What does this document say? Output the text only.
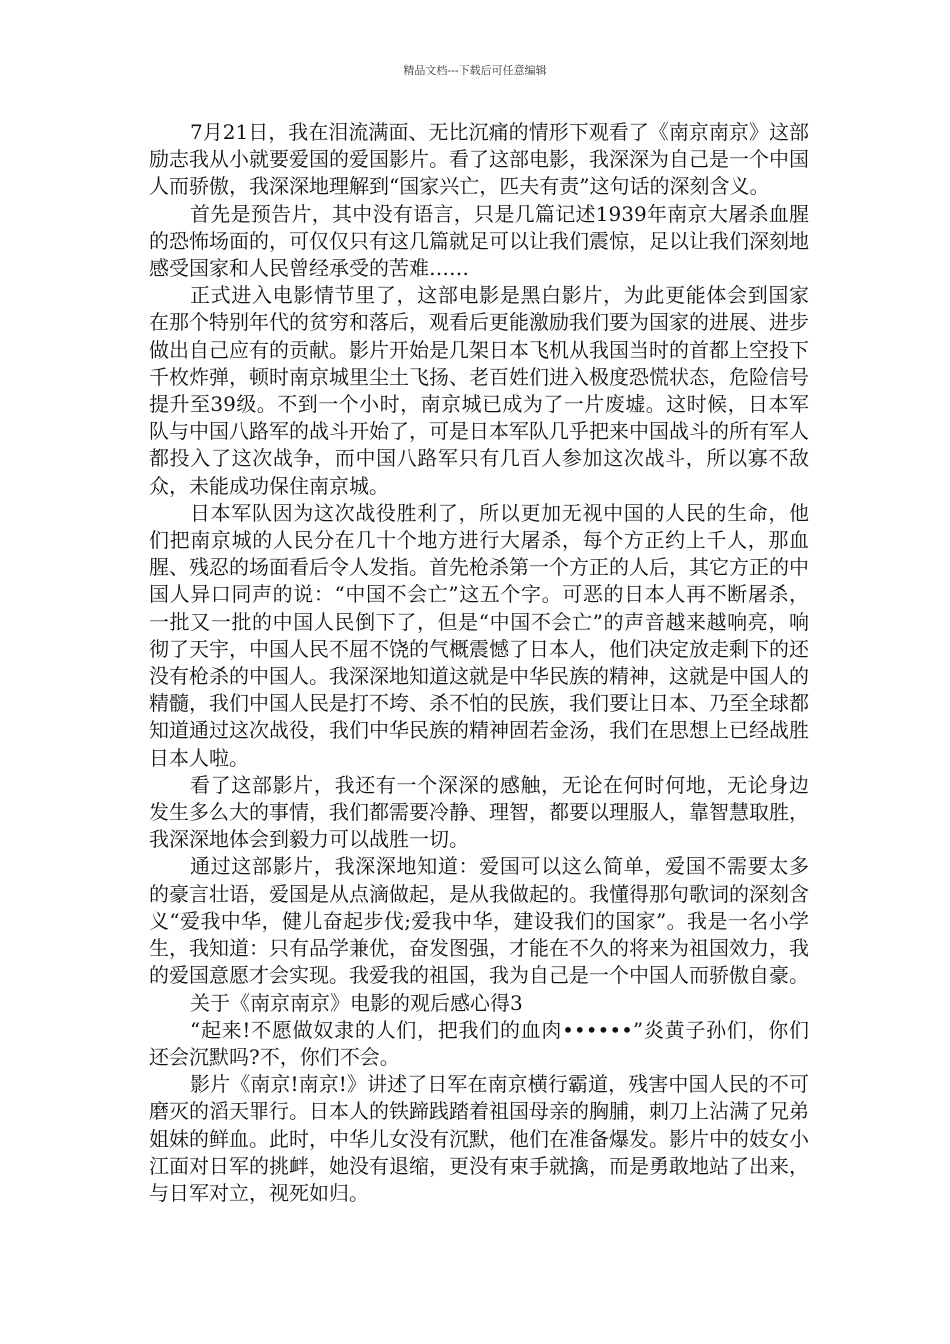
精品文档---下载后可任意编辑

7月21日，我在泪流满面、无比沉痛的情形下观看了《南京南京》这部励志我从小就要爱国的爱国影片。看了这部电影，我深深为自己是一个中国人而骄傲，我深深地理解到“国家兴亡，匹夫有责”这句话的深刻含义。

首先是预告片，其中没有语言，只是几篇记述1939年南京大屠杀血腥的恐怖场面的，可仅仅只有这几篇就足可以让我们震惊，足以让我们深刻地感受国家和人民曾经承受的苦难……

正式进入电影情节里了，这部电影是黑白影片，为此更能体会到国家在那个特别年代的贫穷和落后，观看后更能激励我们要为国家的进展、进步做出自己应有的贡献。影片开始是几架日本飞机从我国当时的首都上空投下千枚炸弹，顿时南京城里尘土飞扬、老百姓们进入极度恐慌状态，危险信号提升至39级。不到一个小时，南京城已成为了一片废墟。这时候，日本军队与中国八路军的战斗开始了，可是日本军队几乎把来中国战斗的所有军人都投入了这次战争，而中国八路军只有几百人参加这次战斗，所以寡不敌众，未能成功保住南京城。

日本军队因为这次战役胜利了，所以更加无视中国的人民的生命，他们把南京城的人民分在几十个地方进行大屠杀，每个方正约上千人，那血腥、残忍的场面看后令人发指。首先枪杀第一个方正的人后，其它方正的中国人异口同声的说：“中国不会亡”这五个字。可恶的日本人再不断屠杀，一批又一批的中国人民倒下了，但是“中国不会亡”的声音越来越响亮，响彻了天宇，中国人民不屈不饶的气概震憾了日本人，他们决定放走剩下的还没有枪杀的中国人。我深深地知道这就是中华民族的精神，这就是中国人的精髓，我们中国人民是打不垮、杀不怕的民族，我们要让日本、乃至全球都知道通过这次战役，我们中华民族的精神固若金汤，我们在思想上已经战胜日本人啦。

看了这部影片，我还有一个深深的感触，无论在何时何地，无论身边发生多么大的事情，我们都需要冷静、理智，都要以理服人，靠智慧取胜，我深深地体会到毅力可以战胜一切。

通过这部影片，我深深地知道：爱国可以这么简单，爱国不需要太多的豪言壮语，爱国是从点滴做起，是从我做起的。我懂得那句歌词的深刻含义“爱我中华，健儿奋起步伐;爱我中华，建设我们的国家”。我是一名小学生，我知道：只有品学兼优，奋发图强，才能在不久的将来为祖国效力，我的爱国意愿才会实现。我爱我的祖国，我为自己是一个中国人而骄傲自豪。

关于《南京南京》电影的观后感心得3

“起来!不愿做奴隶的人们，把我们的血肉••••••”炎黄子孙们，你们还会沉默吗?不，你们不会。

影片《南京!南京!》讲述了日军在南京横行霸道，残害中国人民的不可磨灭的滔天罪行。日本人的铁蹄践踏着祖国母亲的胸脯，刺刀上沾满了兄弟姐妹的鲜血。此时，中华儿女没有沉默，他们在准备爆发。影片中的妓女小江面对日军的挑衅，她没有退缩，更没有束手就擒，而是勇敢地站了出来，与日军对立，视死如归。
